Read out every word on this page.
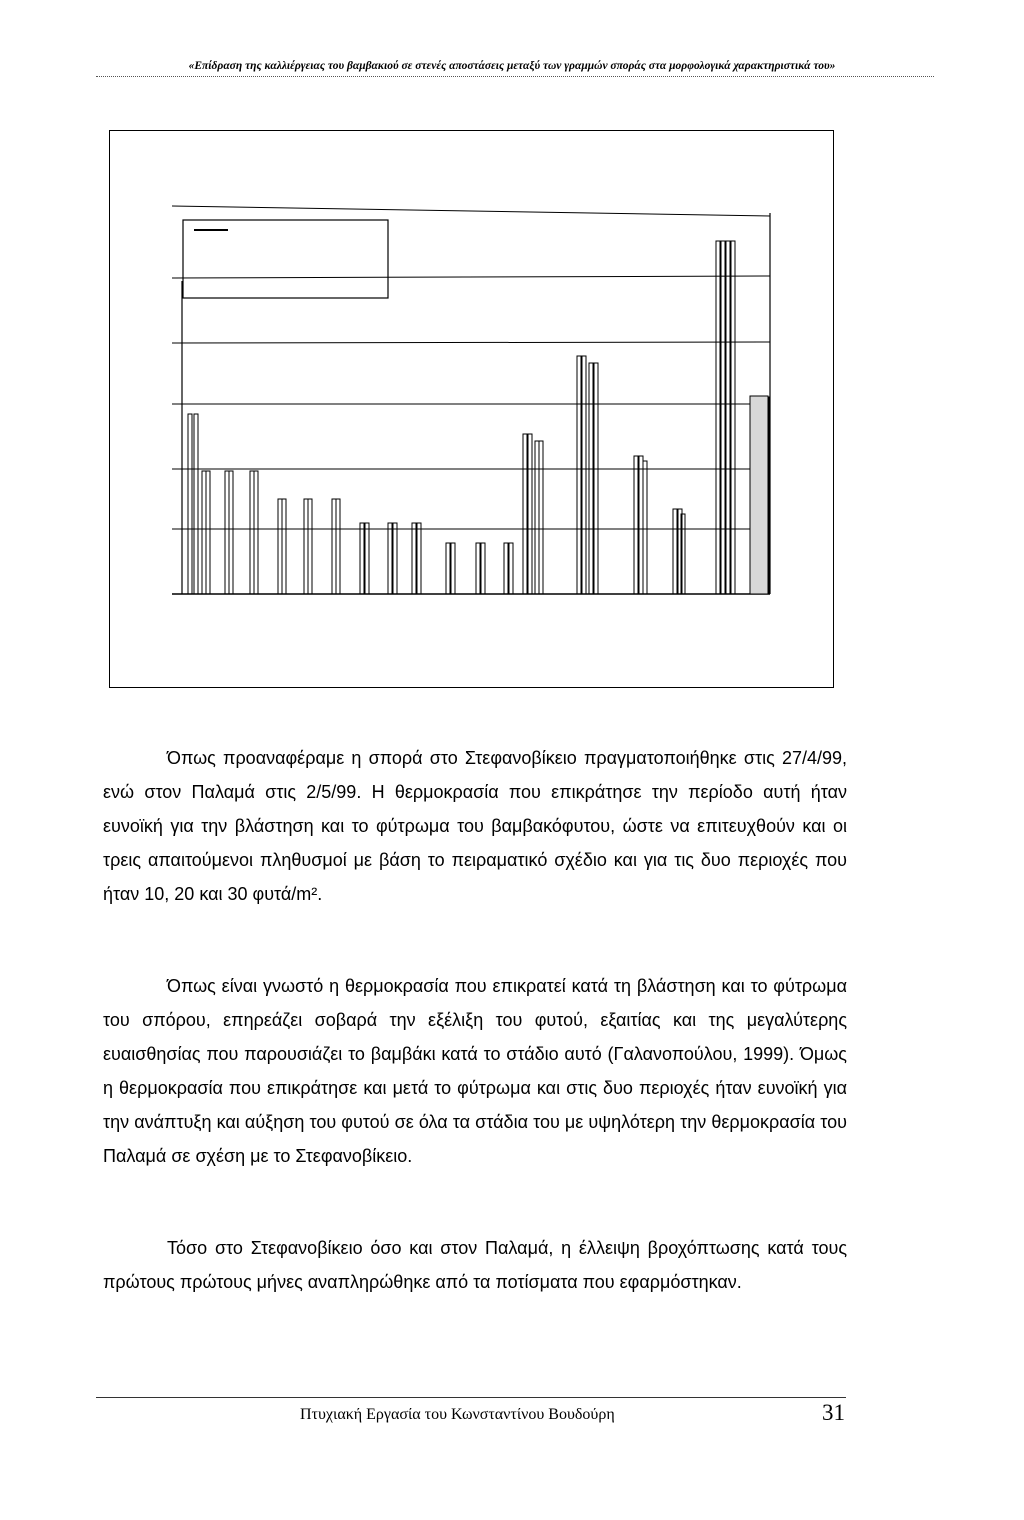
«Επίδραση της καλλιέργειας του βαμβακιού σε στενές αποστάσεις μεταξύ των γραμμών σποράς στα μορφολογικά χαρακτηριστικά του»

Όπως προαναφέραμε η σπορά στο Στεφανοβίκειο πραγματοποιήθηκε στις 27/4/99, ενώ στον Παλαμά στις 2/5/99. Η θερμοκρασία που επικράτησε την περίοδο αυτή ήταν ευνοϊκή για την βλάστηση και το φύτρωμα του βαμβακόφυτου, ώστε να επιτευχθούν και οι τρεις απαιτούμενοι πληθυσμοί με βάση το πειραματικό σχέδιο και για τις δυο περιοχές που ήταν 10, 20 και 30 φυτά/m².

Όπως είναι γνωστό η θερμοκρασία που επικρατεί κατά τη βλάστηση και το φύτρωμα του σπόρου, επηρεάζει σοβαρά την εξέλιξη του φυτού, εξαιτίας και της μεγαλύτερης ευαισθησίας που παρουσιάζει το βαμβάκι κατά το στάδιο αυτό (Γαλανοπούλου, 1999). Όμως η θερμοκρασία που επικράτησε και μετά το φύτρωμα και στις δυο περιοχές ήταν ευνοϊκή για την ανάπτυξη και αύξηση του φυτού σε όλα τα στάδια του με υψηλότερη την θερμοκρασία του Παλαμά σε σχέση με το Στεφανοβίκειο.

Τόσο στο Στεφανοβίκειο όσο και στον Παλαμά, η έλλειψη βροχόπτωσης κατά τους πρώτους πρώτους μήνες αναπληρώθηκε από τα ποτίσματα που εφαρμόστηκαν.

Πτυχιακή Εργασία του Κωνσταντίνου Βουδούρη	31
